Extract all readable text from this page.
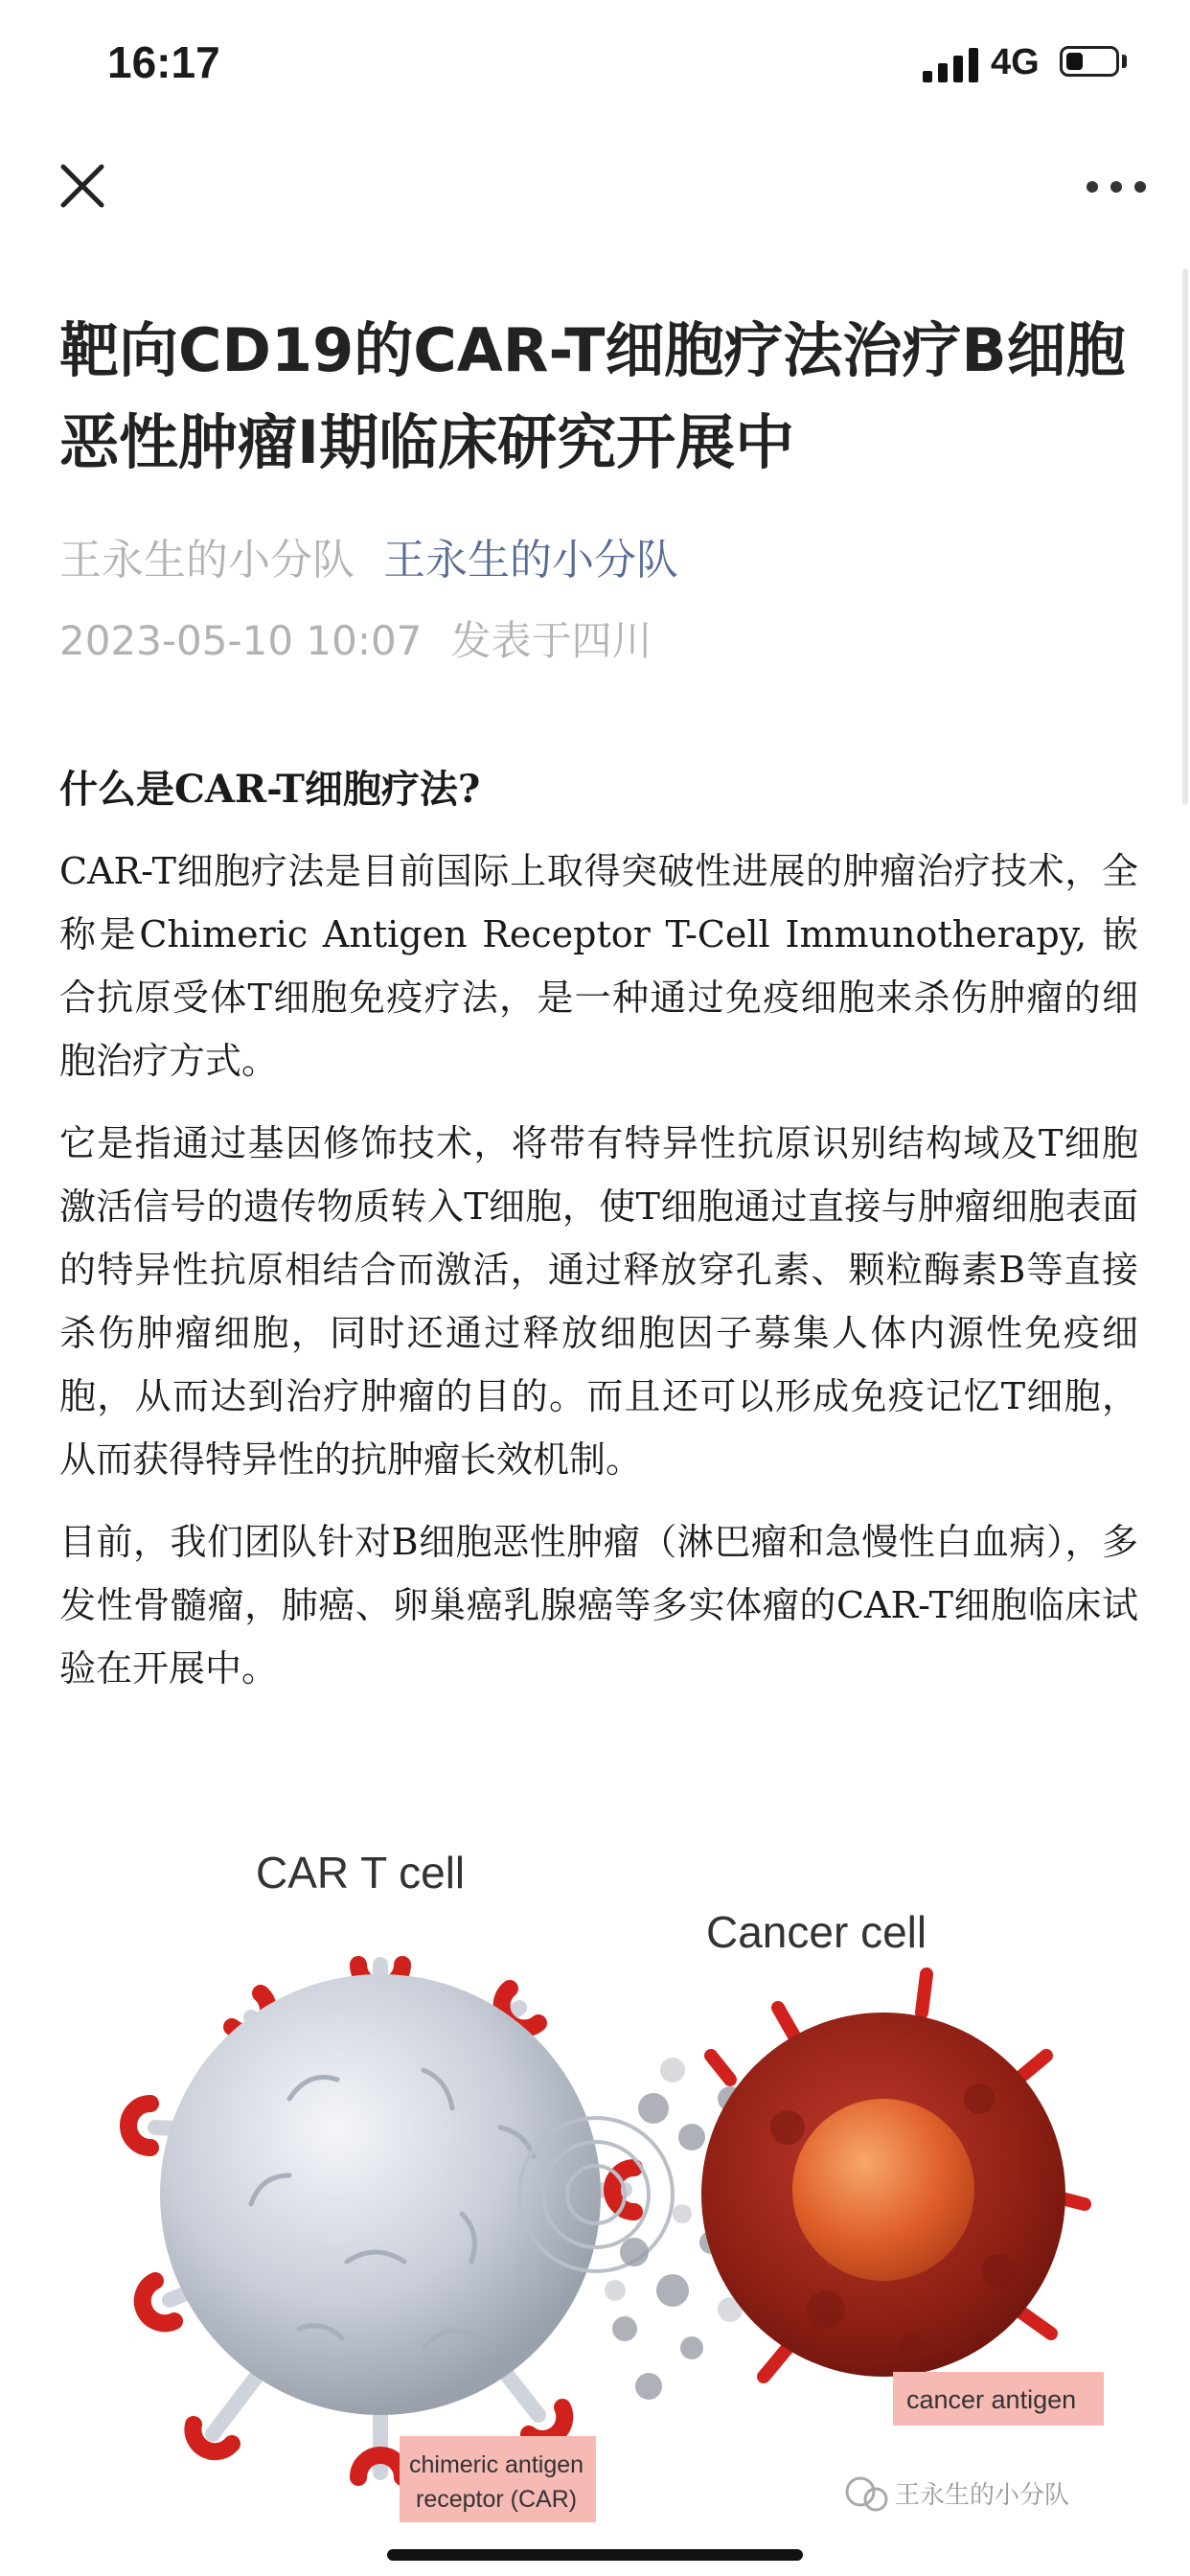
16:17	4G
靶向CD19的CAR-T细胞疗法治疗B细胞恶性肿瘤I期临床研究开展中
王永生的小分队 王永生的小分队
2023-05-10 10:07 发表于四川

什么是CAR-T细胞疗法?

CAR-T细胞疗法是目前国际上取得突破性进展的肿瘤治疗技术，全称是Chimeric Antigen Receptor T-Cell Immunotherapy, 嵌合抗原受体T细胞免疫疗法，是一种通过免疫细胞来杀伤肿瘤的细胞治疗方式。

它是指通过基因修饰技术，将带有特异性抗原识别结构域及T细胞激活信号的遗传物质转入T细胞，使T细胞通过直接与肿瘤细胞表面的特异性抗原相结合而激活，通过释放穿孔素、颗粒酶素B等直接杀伤肿瘤细胞，同时还通过释放细胞因子募集人体内源性免疫细胞，从而达到治疗肿瘤的目的。而且还可以形成免疫记忆T细胞，从而获得特异性的抗肿瘤长效机制。

目前，我们团队针对B细胞恶性肿瘤（淋巴瘤和急慢性白血病），多发性骨髓瘤，肺癌、卵巢癌乳腺癌等多实体瘤的CAR-T细胞临床试验在开展中。

CAR T cell
Cancer cell
cancer antigen
chimeric antigen
receptor (CAR)	王永生的小分队
